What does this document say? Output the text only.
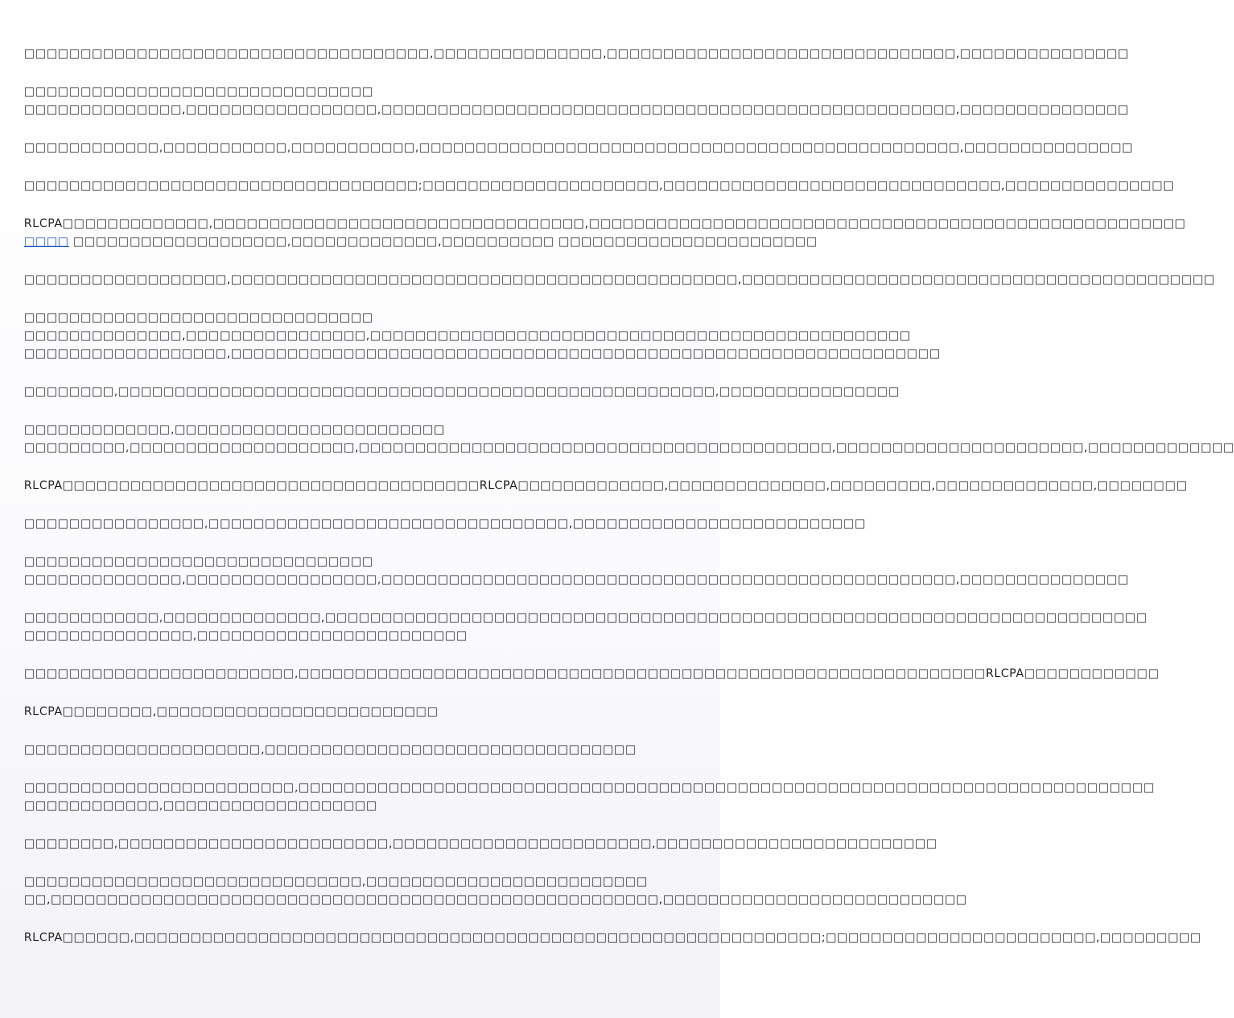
□□□□□□□□□□□□□□□□□□□□□□□□□□□□□□□□□□□□,□□□□□□□□□□□□□□□,□□□□□□□□□□□□□□□□□□□□□□□□□□□□□□□,□□□□□□□□□□□□□□□

□□□□□□□□□□□□□□□□□□□□□□□□□□□□□□□
□□□□□□□□□□□□□□,□□□□□□□□□□□□□□□□□,□□□□□□□□□□□□□□□□□□□□□□□□□□□□□□□□□□□□□□□□□□□□□□□□□□□,□□□□□□□□□□□□□□□

□□□□□□□□□□□□,□□□□□□□□□□□,□□□□□□□□□□□,□□□□□□□□□□□□□□□□□□□□□□□□□□□□□□□□□□□□□□□□□□□□□□□□,□□□□□□□□□□□□□□□

□□□□□□□□□□□□□□□□□□□□□□□□□□□□□□□□□□□;□□□□□□□□□□□□□□□□□□□□□,□□□□□□□□□□□□□□□□□□□□□□□□□□□□□□,□□□□□□□□□□□□□□□

RLCPA□□□□□□□□□□□□□,□□□□□□□□□□□□□□□□□□□□□□□□□□□□□□□□□,□□□□□□□□□□□□□□□□□□□□□□□□□□□□□□□□□□□□□□□□□□□□□□□□□□□□□
□□□□ □□□□□□□□□□□□□□□□□□□,□□□□□□□□□□□□□,□□□□□□□□□□ □□□□□□□□□□□□□□□□□□□□□□□

□□□□□□□□□□□□□□□□□□,□□□□□□□□□□□□□□□□□□□□□□□□□□□□□□□□□□□□□□□□□□□□□,□□□□□□□□□□□□□□□□□□□□□□□□□□□□□□□□□□□□□□□□□□

□□□□□□□□□□□□□□□□□□□□□□□□□□□□□□□
□□□□□□□□□□□□□□,□□□□□□□□□□□□□□□□,□□□□□□□□□□□□□□□□□□□□□□□□□□□□□□□□□□□□□□□□□□□□□□□□
□□□□□□□□□□□□□□□□□□,□□□□□□□□□□□□□□□□□□□□□□□□□□□□□□□□□□□□□□□□□□□□□□□□□□□□□□□□□□□□□□□

□□□□□□□□,□□□□□□□□□□□□□□□□□□□□□□□□□□□□□□□□□□□□□□□□□□□□□□□□□□□□□,□□□□□□□□□□□□□□□□

□□□□□□□□□□□□□,□□□□□□□□□□□□□□□□□□□□□□□□
□□□□□□□□□,□□□□□□□□□□□□□□□□□□□□,□□□□□□□□□□□□□□□□□□□□□□□□□□□□□□□□□□□□□□□□□□,□□□□□□□□□□□□□□□□□□□□□□,□□□□□□□□□□□□□

RLCPA□□□□□□□□□□□□□□□□□□□□□□□□□□□□□□□□□□□□□RLCPA□□□□□□□□□□□□□,□□□□□□□□□□□□□□,□□□□□□□□□,□□□□□□□□□□□□□□,□□□□□□□□

□□□□□□□□□□□□□□□□,□□□□□□□□□□□□□□□□□□□□□□□□□□□□□□□□,□□□□□□□□□□□□□□□□□□□□□□□□□□

□□□□□□□□□□□□□□□□□□□□□□□□□□□□□□□
□□□□□□□□□□□□□□,□□□□□□□□□□□□□□□□□,□□□□□□□□□□□□□□□□□□□□□□□□□□□□□□□□□□□□□□□□□□□□□□□□□□□,□□□□□□□□□□□□□□□

□□□□□□□□□□□□,□□□□□□□□□□□□□□,□□□□□□□□□□□□□□□□□□□□□□□□□□□□□□□□□□□□□□□□□□□□□□□□□□□□□□□□□□□□□□□□□□□□□□□□□
□□□□□□□□□□□□□□□,□□□□□□□□□□□□□□□□□□□□□□□□

□□□□□□□□□□□□□□□□□□□□□□□□,□□□□□□□□□□□□□□□□□□□□□□□□□□□□□□□□□□□□□□□□□□□□□□□□□□□□□□□□□□□□□RLCPA□□□□□□□□□□□□

RLCPA□□□□□□□□,□□□□□□□□□□□□□□□□□□□□□□□□□

□□□□□□□□□□□□□□□□□□□□□,□□□□□□□□□□□□□□□□□□□□□□□□□□□□□□□□□

□□□□□□□□□□□□□□□□□□□□□□□□,□□□□□□□□□□□□□□□□□□□□□□□□□□□□□□□□□□□□□□□□□□□□□□□□□□□□□□□□□□□□□□□□□□□□□□□□□□□□
□□□□□□□□□□□□,□□□□□□□□□□□□□□□□□□□

□□□□□□□□,□□□□□□□□□□□□□□□□□□□□□□□□,□□□□□□□□□□□□□□□□□□□□□□□,□□□□□□□□□□□□□□□□□□□□□□□□□

□□□□□□□□□□□□□□□□□□□□□□□□□□□□□□,□□□□□□□□□□□□□□□□□□□□□□□□□
□□,□□□□□□□□□□□□□□□□□□□□□□□□□□□□□□□□□□□□□□□□□□□□□□□□□□□□□□,□□□□□□□□□□□□□□□□□□□□□□□□□□□

RLCPA□□□□□□,□□□□□□□□□□□□□□□□□□□□□□□□□□□□□□□□□□□□□□□□□□□□□□□□□□□□□□□□□□□□□;□□□□□□□□□□□□□□□□□□□□□□□□,□□□□□□□□□
